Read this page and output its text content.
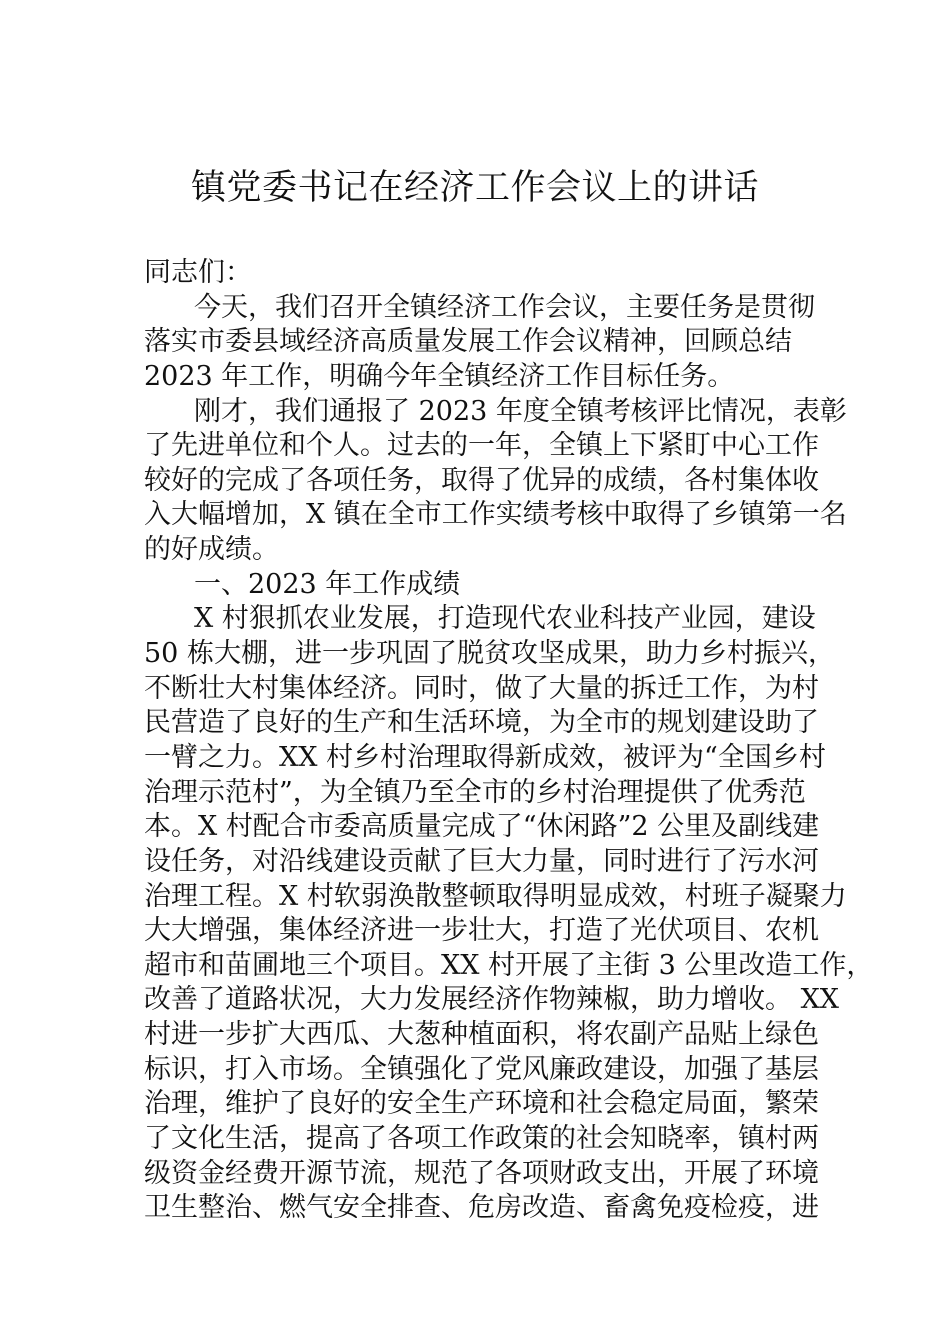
镇党委书记在经济工作会议上的讲话
同志们：
今天，我们召开全镇经济工作会议，主要任务是贯彻
落实市委县域经济高质量发展工作会议精神，回顾总结
2023 年工作，明确今年全镇经济工作目标任务。
刚才，我们通报了 2023 年度全镇考核评比情况，表彰
了先进单位和个人。过去的一年，全镇上下紧盯中心工作
较好的完成了各项任务，取得了优异的成绩，各村集体收
入大幅增加，X 镇在全市工作实绩考核中取得了乡镇第一名
的好成绩。
一、2023 年工作成绩
X 村狠抓农业发展，打造现代农业科技产业园，建设
50 栋大棚，进一步巩固了脱贫攻坚成果，助力乡村振兴，
不断壮大村集体经济。同时，做了大量的拆迁工作，为村
民营造了良好的生产和生活环境，为全市的规划建设助了
一臂之力。XX 村乡村治理取得新成效，被评为“全国乡村
治理示范村”，为全镇乃至全市的乡村治理提供了优秀范
本。X 村配合市委高质量完成了“休闲路”2 公里及副线建
设任务，对沿线建设贡献了巨大力量，同时进行了污水河
治理工程。X 村软弱涣散整顿取得明显成效，村班子凝聚力
大大增强，集体经济进一步壮大，打造了光伏项目、农机
超市和苗圃地三个项目。XX 村开展了主街 3 公里改造工作，
改善了道路状况，大力发展经济作物辣椒，助力增收。 XX
村进一步扩大西瓜、大葱种植面积，将农副产品贴上绿色
标识，打入市场。全镇强化了党风廉政建设，加强了基层
治理，维护了良好的安全生产环境和社会稳定局面，繁荣
了文化生活，提高了各项工作政策的社会知晓率，镇村两
级资金经费开源节流，规范了各项财政支出，开展了环境
卫生整治、燃气安全排查、危房改造、畜禽免疫检疫，进
